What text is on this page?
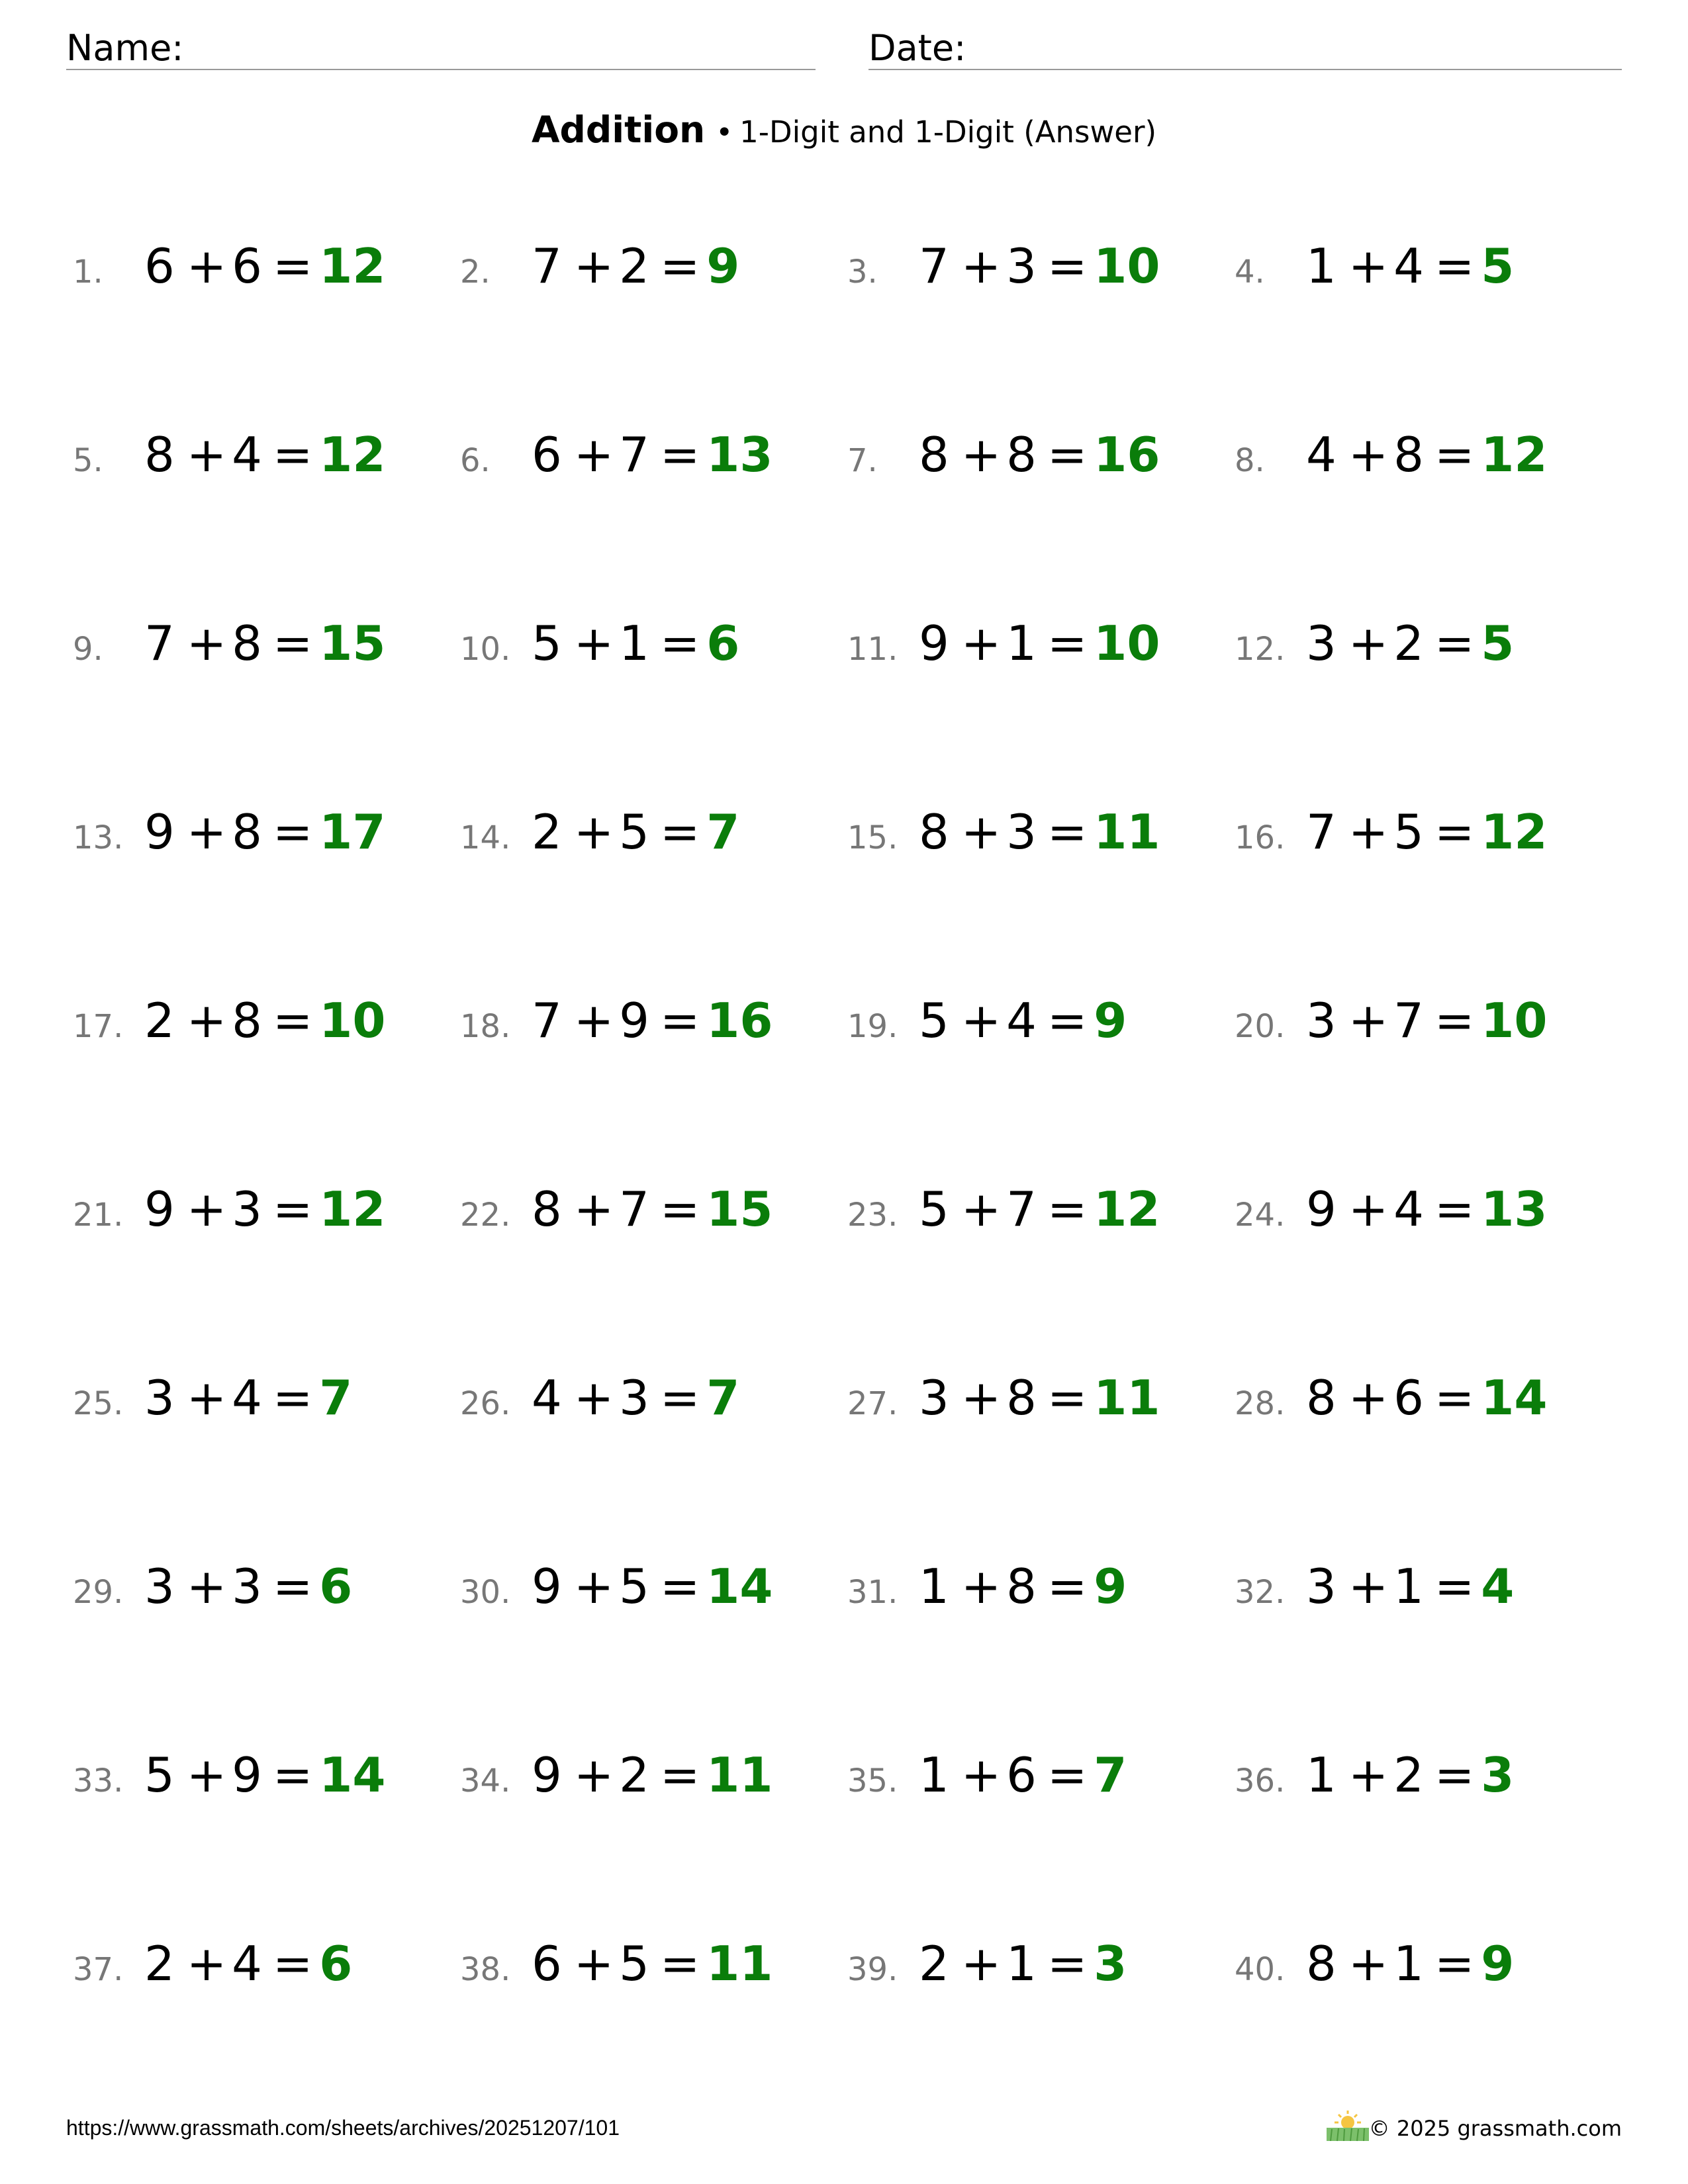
Name:	Date:
Addition • 1-Digit and 1-Digit (Answer)
1. 6 + 6 = 12 2. 7 + 2 = 9	3. 7 + 3 = 10 4. 1 + 4 = 5
5. 8 + 4 = 12 6. 6 + 7 = 13 7. 8 + 8 = 16 8. 4 + 8 = 12
9. 7 + 8 = 15 10. 5 + 1 = 6	11. 9 + 1 = 10 12. 3 + 2 = 5
13. 9 + 8 = 17 14. 2 + 5 = 7	15. 8 + 3 = 11 16. 7 + 5 = 12
17. 2 + 8 = 10 18. 7 + 9 = 16 19. 5 + 4 = 9	20. 3 + 7 = 10
21. 9 + 3 = 12 22. 8 + 7 = 15 23. 5 + 7 = 12 24. 9 + 4 = 13
25. 3 + 4 = 7	26. 4 + 3 = 7	27. 3 + 8 = 11 28. 8 + 6 = 14
29. 3 + 3 = 6	30. 9 + 5 = 14 31. 1 + 8 = 9	32. 3 + 1 = 4
33. 5 + 9 = 14 34. 9 + 2 = 11 35. 1 + 6 = 7	36. 1 + 2 = 3
37. 2 + 4 = 6	38. 6 + 5 = 11 39. 2 + 1 = 3	40. 8 + 1 = 9
https://www.grassmath.com/sheets/archives/20251207/101	© 2025 grassmath.com
